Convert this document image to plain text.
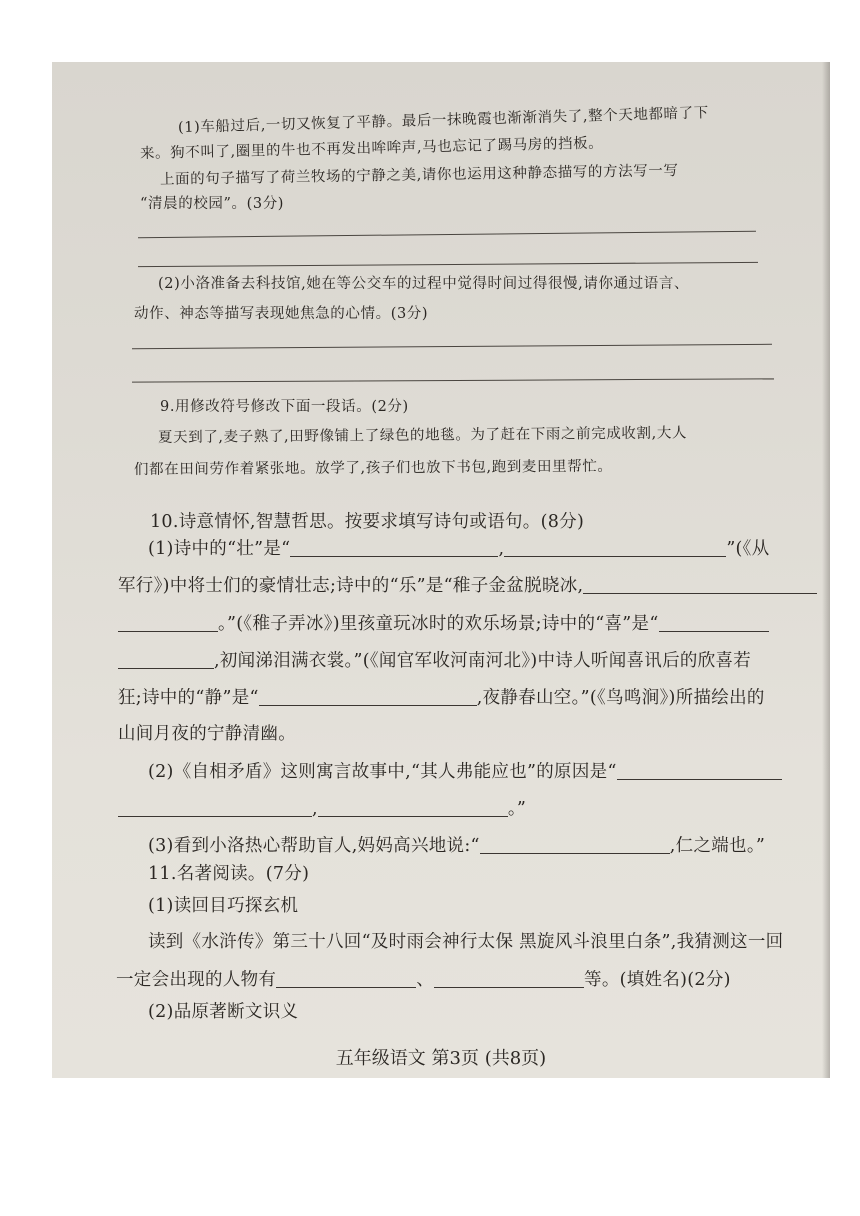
(1)车船过后,一切又恢复了平静。最后一抹晚霞也渐渐消失了,整个天地都暗了下
来。狗不叫了,圈里的牛也不再发出哞哞声,马也忘记了踢马房的挡板。
上面的句子描写了荷兰牧场的宁静之美,请你也运用这种静态描写的方法写一写
“清晨的校园”。(3分)
(2)小洛准备去科技馆,她在等公交车的过程中觉得时间过得很慢,请你通过语言、
动作、神态等描写表现她焦急的心情。(3分)
9.用修改符号修改下面一段话。(2分)
夏天到了,麦子熟了,田野像铺上了绿色的地毯。为了赶在下雨之前完成收割,大人
们都在田间劳作着紧张地。放学了,孩子们也放下书包,跑到麦田里帮忙。
10.诗意情怀,智慧哲思。按要求填写诗句或语句。(8分)
(1)诗中的“壮”是“	,	”(《从
军行》)中将士们的豪情壮志;诗中的“乐”是“稚子金盆脱晓冰,
。”(《稚子弄冰》)里孩童玩冰时的欢乐场景;诗中的“喜”是“
,初闻涕泪满衣裳。”(《闻官军收河南河北》)中诗人听闻喜讯后的欣喜若
狂;诗中的“静”是“	,夜静春山空。”(《鸟鸣涧》)所描绘出的
山间月夜的宁静清幽。
(2)《自相矛盾》这则寓言故事中,“其人弗能应也”的原因是“
,	。”
(3)看到小洛热心帮助盲人,妈妈高兴地说:“	,仁之端也。”
11.名著阅读。(7分)
(1)读回目巧探玄机
读到《水浒传》第三十八回“及时雨会神行太保 黑旋风斗浪里白条”,我猜测这一回
一定会出现的人物有	、	等。(填姓名)(2分)
(2)品原著断文识义
五年级语文 第3页 (共8页)
